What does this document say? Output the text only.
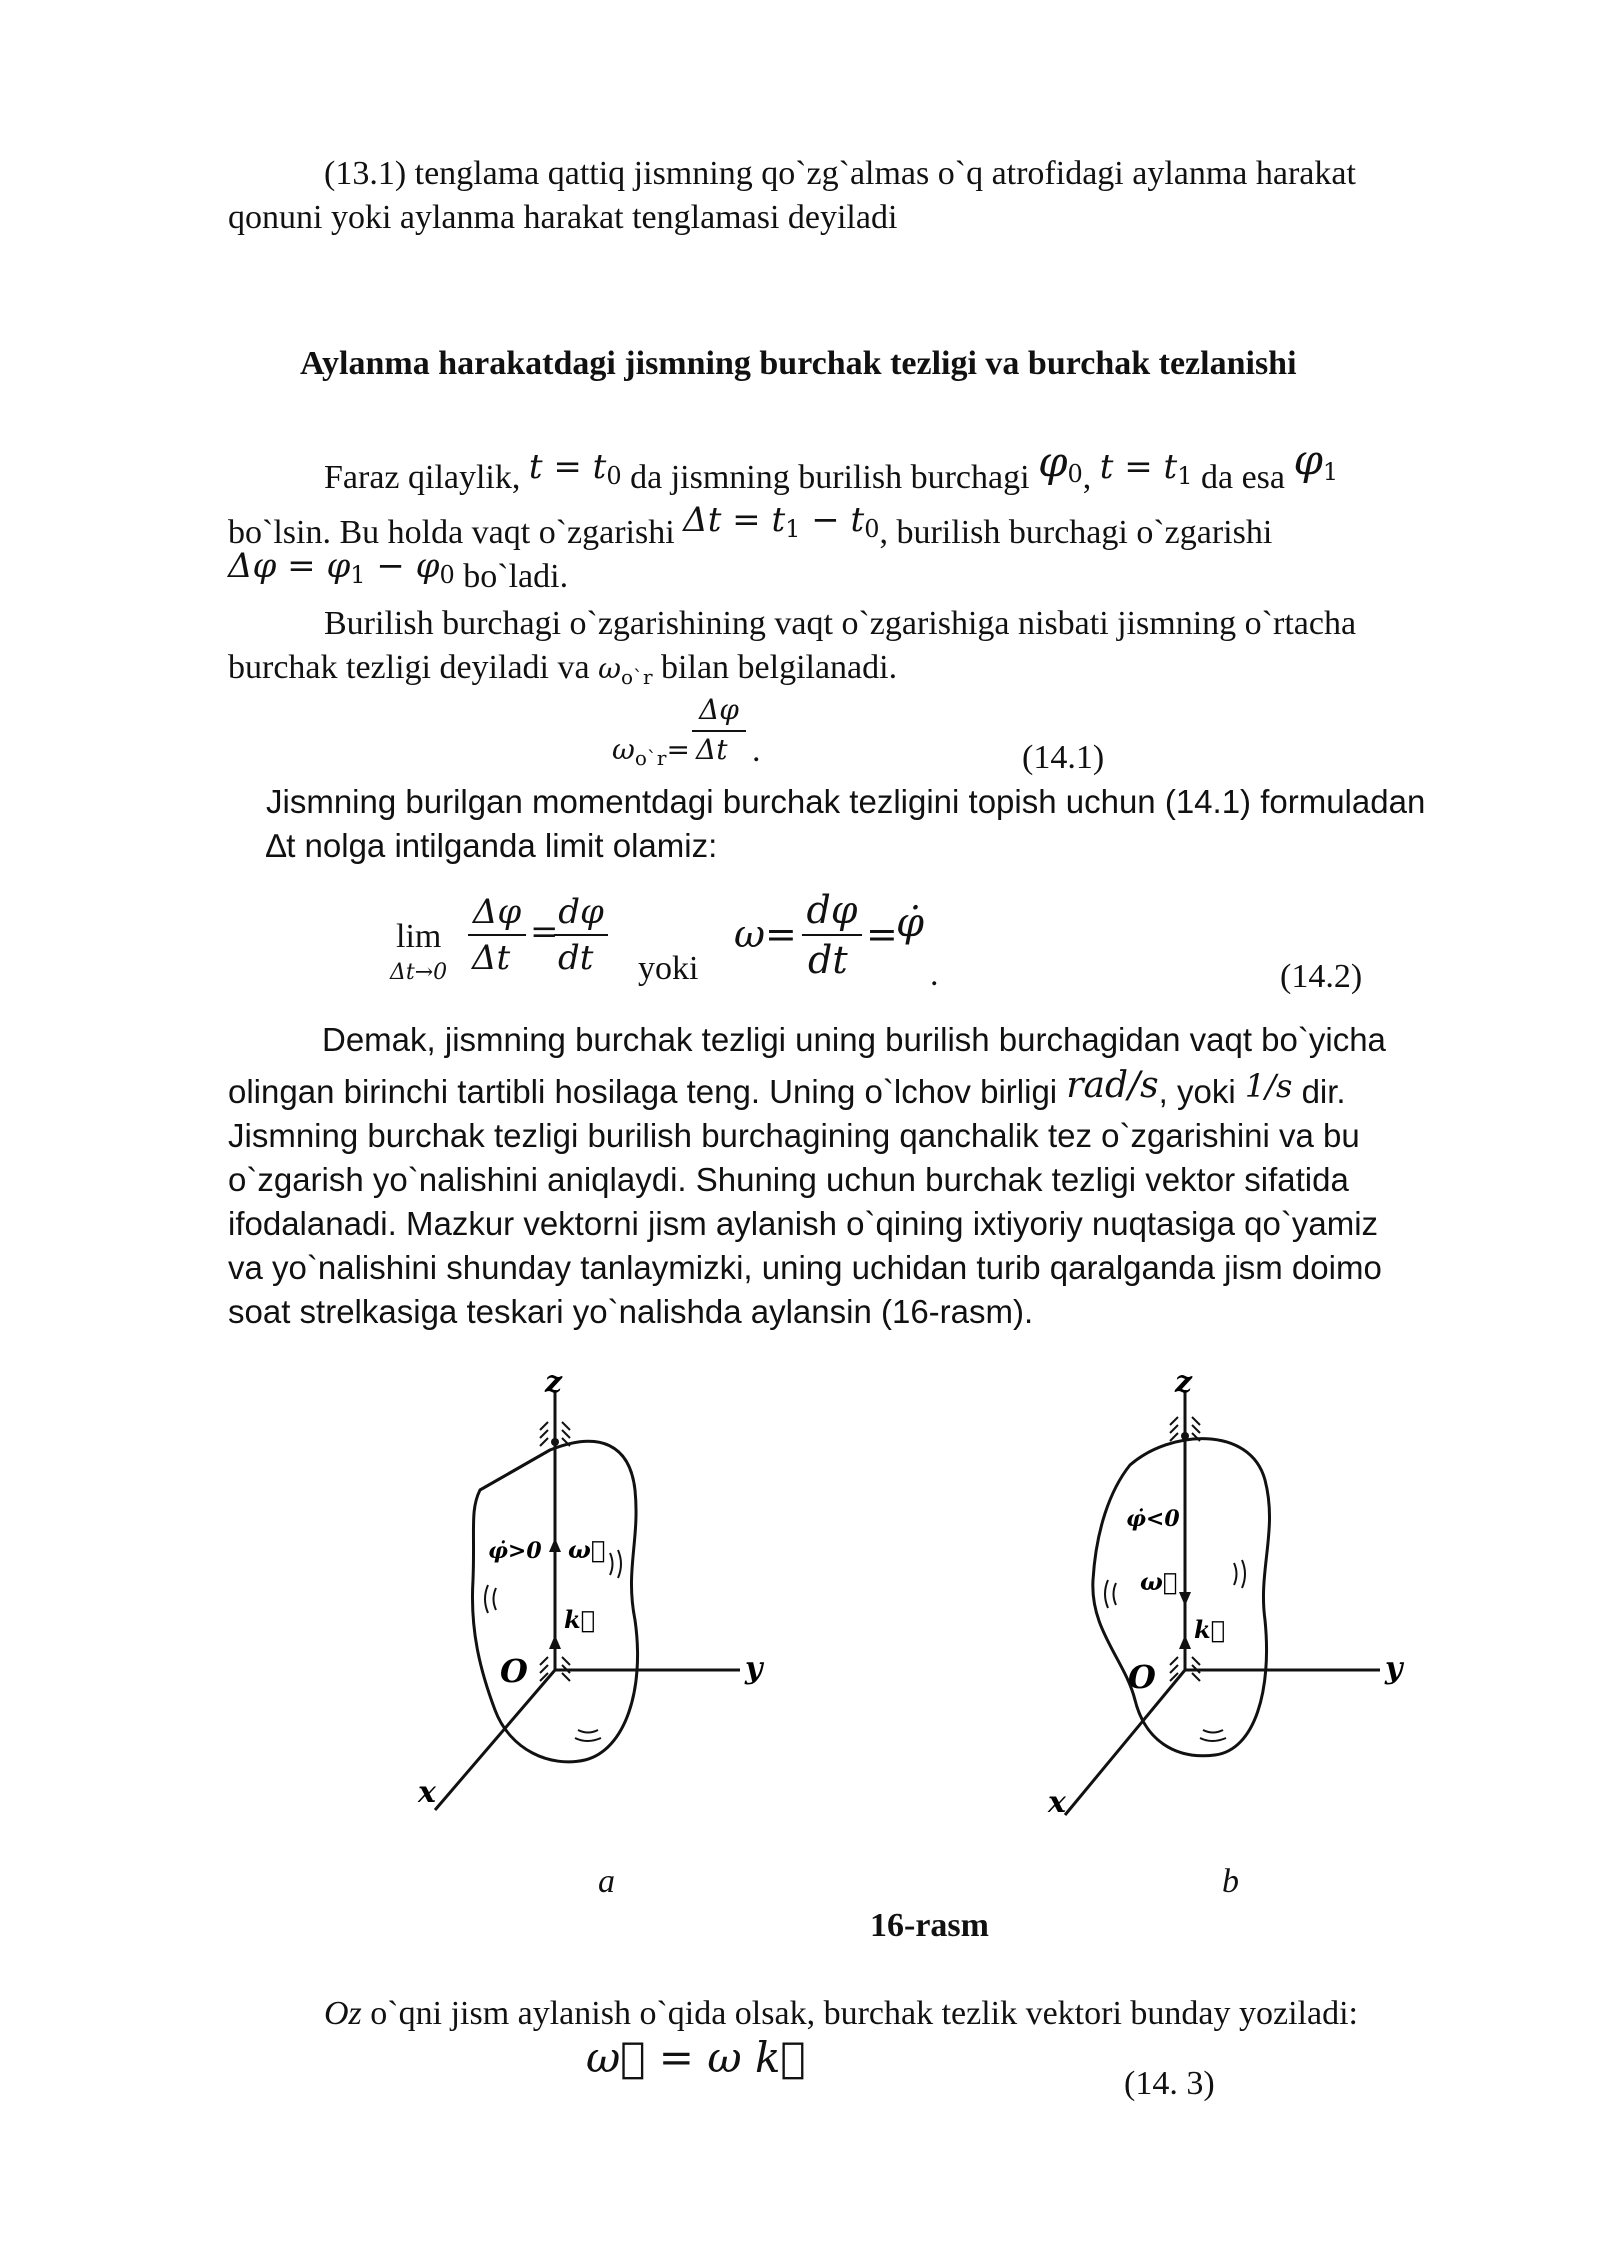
(13.1) tenglama qattiq jismning qo`zg`almas o`q atrofidagi aylanma harakat

qonuni yoki aylanma harakat tenglamasi deyiladi
Aylanma harakatdagi jismning burchak tezligi va burchak tezlanishi
Faraz qilaylik, $t = t_0$ da jismning burilish burchagi $\varphi_0$, $t = t_1$ da esa $\varphi_1$
bo`lsin. Bu holda vaqt o`zgarishi $\Delta t = t_1 - t_0$, burilish burchagi o`zgarishi
$\Delta\varphi = \varphi_1 - \varphi_0$ bo`ladi.
Burilish burchagi o`zgarishining vaqt o`zgarishiga nisbati jismning o`rtacha
burchak tezligi deyiladi va $\omega_{o`r}$ bilan belgilanadi.
Δφ
$\omega_{o`r}= \Delta t$ .	(14.1)
Jismning burilgan momentdagi burchak tezligini topish uchun (14.1) formuladan
∆t nolga intilganda limit olamiz:
lim
Δt→0
Δφ
Δt
= dφ
dt yoki
ω=
dφ
dt
=
φ̇
.	(14.2)
Demak, jismning burchak tezligi uning burilish burchagidan vaqt bo`yicha
olingan birinchi tartibli hosilaga teng. Uning o`lchov birligi rad/s, yoki 1/s dir.
Jismning burchak tezligi burilish burchagining qanchalik tez o`zgarishini va bu
o`zgarish yo`nalishini aniqlaydi. Shuning uchun burchak tezligi vektor sifatida
ifodalanadi. Mazkur vektorni jism aylanish o`qining ixtiyoriy nuqtasiga qo`yamiz
va yo`nalishini shunday tanlaymizki, uning uchidan turib qaralganda jism doimo
soat strelkasiga teskari yo`nalishda aylansin (16-rasm).
z
y
x
O
φ̇>0 ω⃗
k⃗
z
y
x
O
φ̇<0
ω⃗
k⃗
a	b
16-rasm
Oz o`qni jism aylanish o`qida olsak, burchak tezlik vektori bunday yoziladi:
ω⃗ = ω k⃗
(14. 3)
